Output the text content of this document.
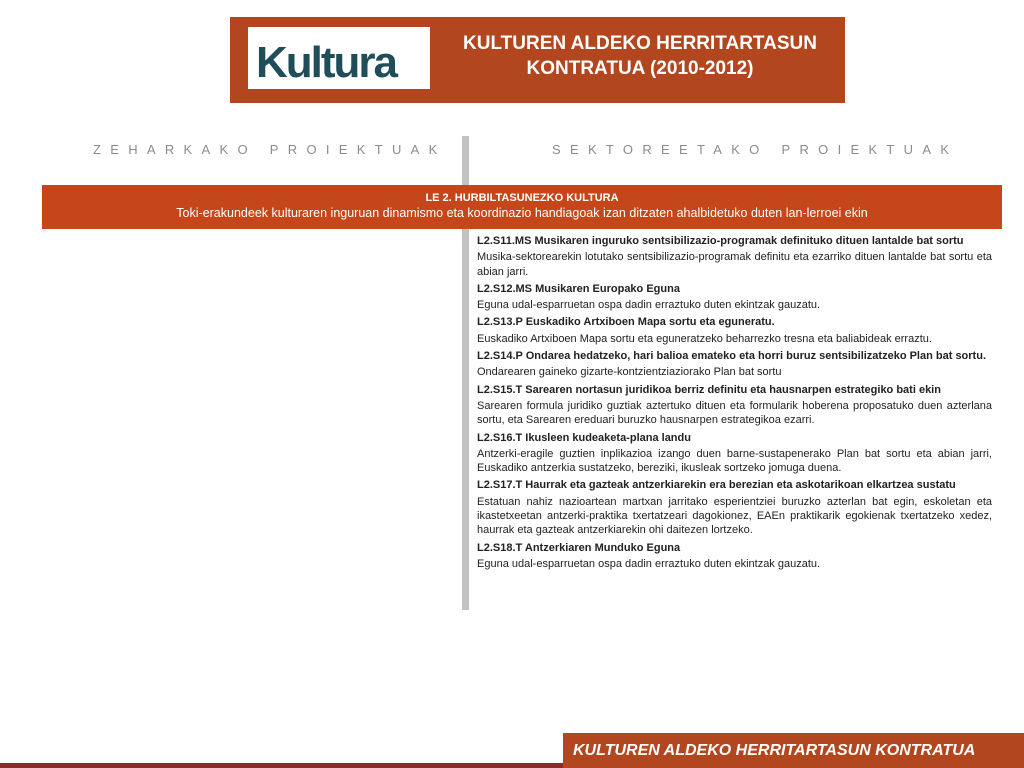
Kultura	KULTUREN ALDEKO HERRITARTASUN
KONTRATUA (2010-2012)
ZEHARKAKO PROIEKTUAK	SEKTOREETAKO PROIEKTUAK
LE 2. HURBILTASUNEZKO KULTURA
Toki-erakundeek kulturaren inguruan dinamismo eta koordinazio handiagoak izan ditzaten ahalbidetuko duten lan-lerroei ekin

L2.S11.MS Musikaren inguruko sentsibilizazio-programak definituko dituen lantalde bat sortu

Musika-sektorearekin lotutako sentsibilizazio-programak definitu eta ezarriko dituen lantalde bat sortu eta abian jarri.

L2.S12.MS Musikaren Europako Eguna

Eguna udal-esparruetan ospa dadin erraztuko duten ekintzak gauzatu.

L2.S13.P Euskadiko Artxiboen Mapa sortu eta eguneratu.

Euskadiko Artxiboen Mapa sortu eta eguneratzeko beharrezko tresna eta baliabideak erraztu.

L2.S14.P Ondarea hedatzeko, hari balioa emateko eta horri buruz sentsibilizatzeko Plan bat sortu.

Ondarearen gaineko gizarte-kontzientziaziorako Plan bat sortu

L2.S15.T Sarearen nortasun juridikoa berriz definitu eta hausnarpen estrategiko bati ekin

Sarearen formula juridiko guztiak aztertuko dituen eta formularik hoberena proposatuko duen azterlana sortu, eta Sarearen ereduari buruzko hausnarpen estrategikoa ezarri.

L2.S16.T Ikusleen kudeaketa-plana landu

Antzerki-eragile guztien inplikazioa izango duen barne-sustapenerako Plan bat sortu eta abian jarri, Euskadiko antzerkia sustatzeko, bereziki, ikusleak sortzeko jomuga duena.

L2.S17.T Haurrak eta gazteak antzerkiarekin era berezian eta askotarikoan elkartzea sustatu

Estatuan nahiz nazioartean martxan jarritako esperientziei buruzko azterlan bat egin, eskoletan eta ikastetxeetan antzerki-praktika txertatzeari dagokionez, EAEn praktikarik egokienak txertatzeko xedez, haurrak eta gazteak antzerkiarekin ohi daitezen lortzeko.

L2.S18.T Antzerkiaren Munduko Eguna

Eguna udal-esparruetan ospa dadin erraztuko duten ekintzak gauzatu.

KULTUREN ALDEKO HERRITARTASUN KONTRATUA
